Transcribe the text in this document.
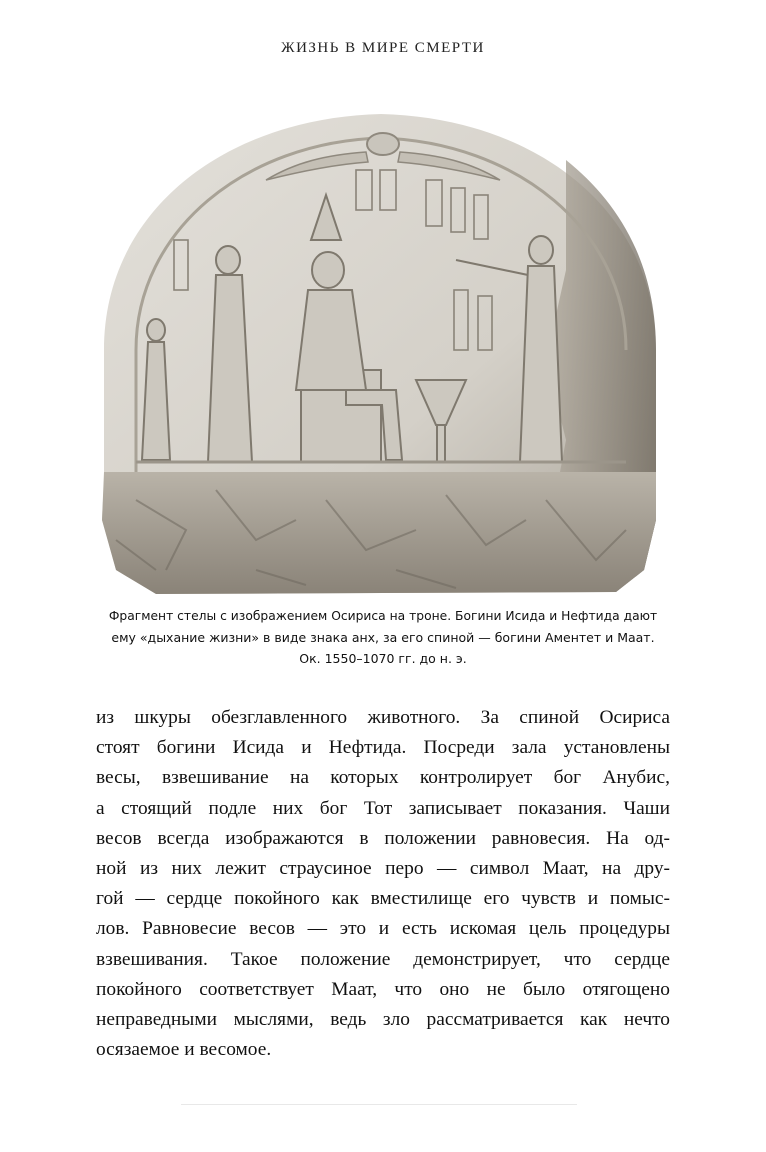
ЖИЗНЬ В МИРЕ СМЕРТИ
Фрагмент стелы с изображением Осириса на троне. Богини Исида и Нефтида дают
ему «дыхание жизни» в виде знака анх, за его спиной — богини Аментет и Маат.
Ок. 1550–1070 гг. до н. э.
из шкуры обезглавленного животного. За спиной Осириса
стоят богини Исида и Нефтида. Посреди зала установлены
весы, взвешивание на которых контролирует бог Анубис,
а стоящий подле них бог Тот записывает показания. Чаши
весов всегда изображаются в положении равновесия. На од-
ной из них лежит страусиное перо — символ Маат, на дру-
гой — сердце покойного как вместилище его чувств и помыс-
лов. Равновесие весов — это и есть искомая цель процедуры
взвешивания. Такое положение демонстрирует, что сердце
покойного соответствует Маат, что оно не было отягощено
неправедными мыслями, ведь зло рассматривается как нечто
осязаемое и весомое.
